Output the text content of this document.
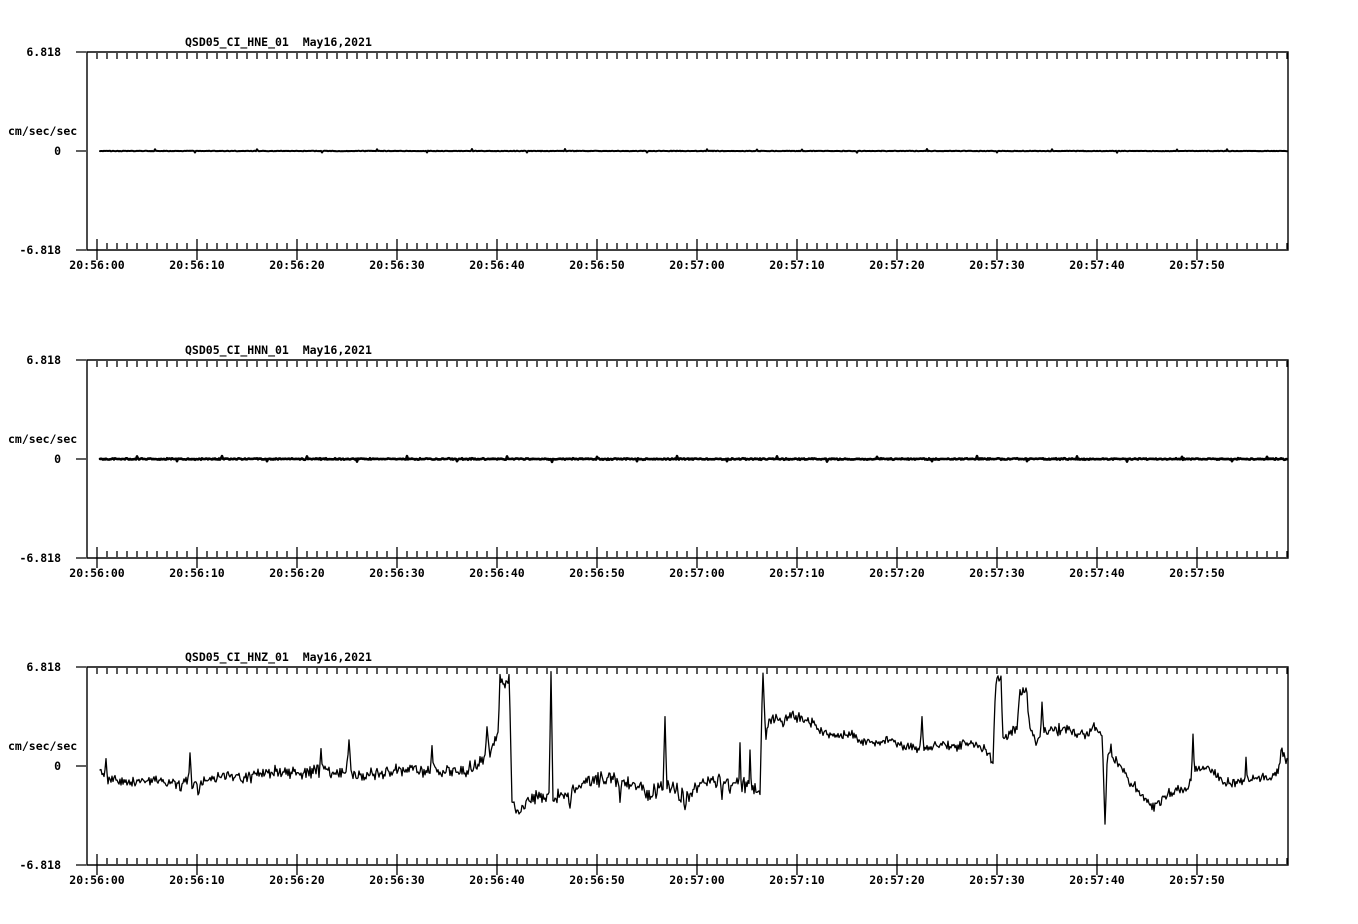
QSD05_CI_HNE_01  May16,2021
6.818
cm/sec/sec
0
-6.818
20:56:00	20:56:10	20:56:20	20:56:30	20:56:40	20:56:50	20:57:00	20:57:10	20:57:20	20:57:30	20:57:40	20:57:50
QSD05_CI_HNN_01  May16,2021
6.818
cm/sec/sec
0
-6.818
20:56:00	20:56:10	20:56:20	20:56:30	20:56:40	20:56:50	20:57:00	20:57:10	20:57:20	20:57:30	20:57:40	20:57:50
QSD05_CI_HNZ_01  May16,2021
6.818
cm/sec/sec
0
-6.818
20:56:00	20:56:10	20:56:20	20:56:30	20:56:40	20:56:50	20:57:00	20:57:10	20:57:20	20:57:30	20:57:40	20:57:50
